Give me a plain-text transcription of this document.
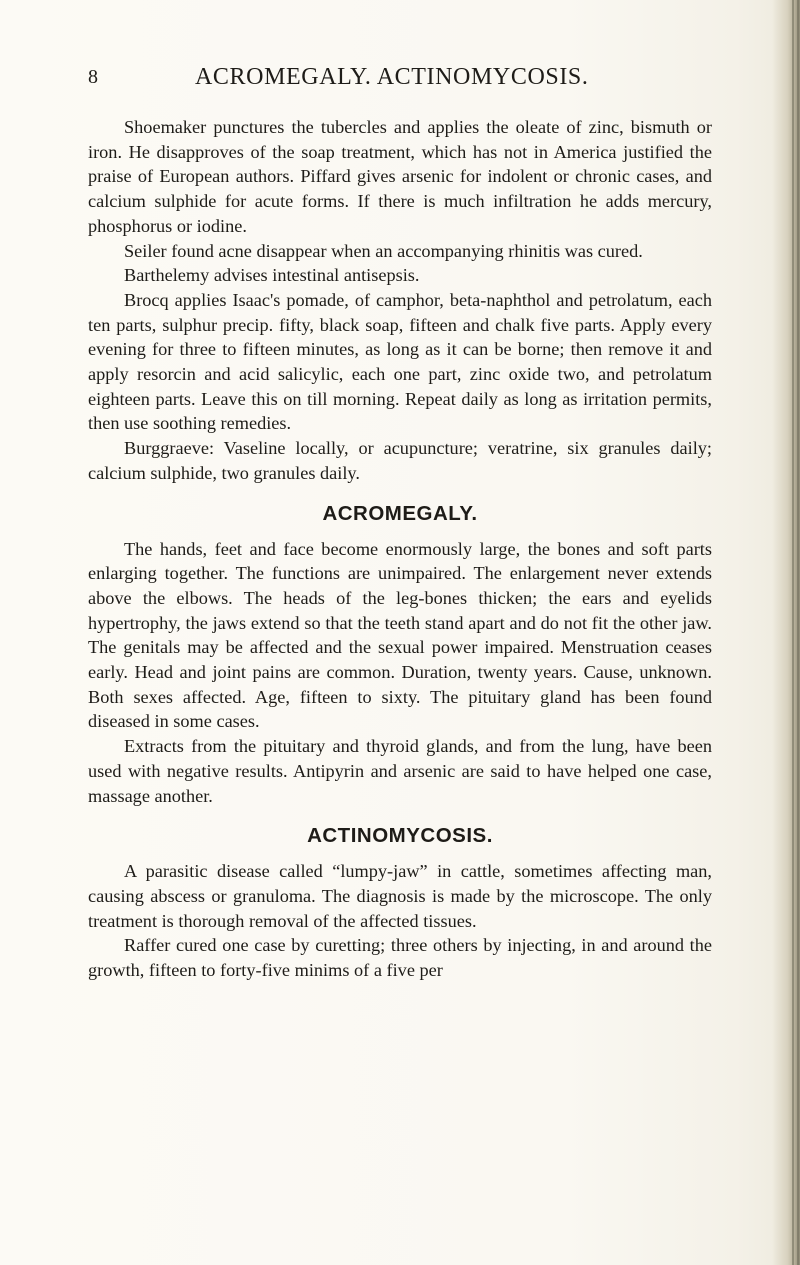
8	ACROMEGALY. ACTINOMYCOSIS.

Shoemaker punctures the tubercles and applies the oleate of zinc, bismuth or iron. He disapproves of the soap treatment, which has not in America justified the praise of European authors. Piffard gives arsenic for indolent or chronic cases, and calcium sulphide for acute forms. If there is much infiltration he adds mercury, phosphorus or iodine.

Seiler found acne disappear when an accompanying rhinitis was cured.

Barthelemy advises intestinal antisepsis.

Brocq applies Isaac's pomade, of camphor, beta-naphthol and petrolatum, each ten parts, sulphur precip. fifty, black soap, fifteen and chalk five parts. Apply every evening for three to fifteen minutes, as long as it can be borne; then remove it and apply resorcin and acid salicylic, each one part, zinc oxide two, and petrolatum eighteen parts. Leave this on till morning. Repeat daily as long as irritation permits, then use soothing remedies.

Burggraeve: Vaseline locally, or acupuncture; veratrine, six granules daily; calcium sulphide, two granules daily.

ACROMEGALY.

The hands, feet and face become enormously large, the bones and soft parts enlarging together. The functions are unimpaired. The enlargement never extends above the elbows. The heads of the leg-bones thicken; the ears and eyelids hypertrophy, the jaws extend so that the teeth stand apart and do not fit the other jaw. The genitals may be affected and the sexual power impaired. Menstruation ceases early. Head and joint pains are common. Duration, twenty years. Cause, unknown. Both sexes affected. Age, fifteen to sixty. The pituitary gland has been found diseased in some cases.

Extracts from the pituitary and thyroid glands, and from the lung, have been used with negative results. Antipyrin and arsenic are said to have helped one case, massage another.

ACTINOMYCOSIS.

A parasitic disease called “lumpy-jaw” in cattle, sometimes affecting man, causing abscess or granuloma. The diagnosis is made by the microscope. The only treatment is thorough removal of the affected tissues.

Raffer cured one case by curetting; three others by injecting, in and around the growth, fifteen to forty-five minims of a five per
